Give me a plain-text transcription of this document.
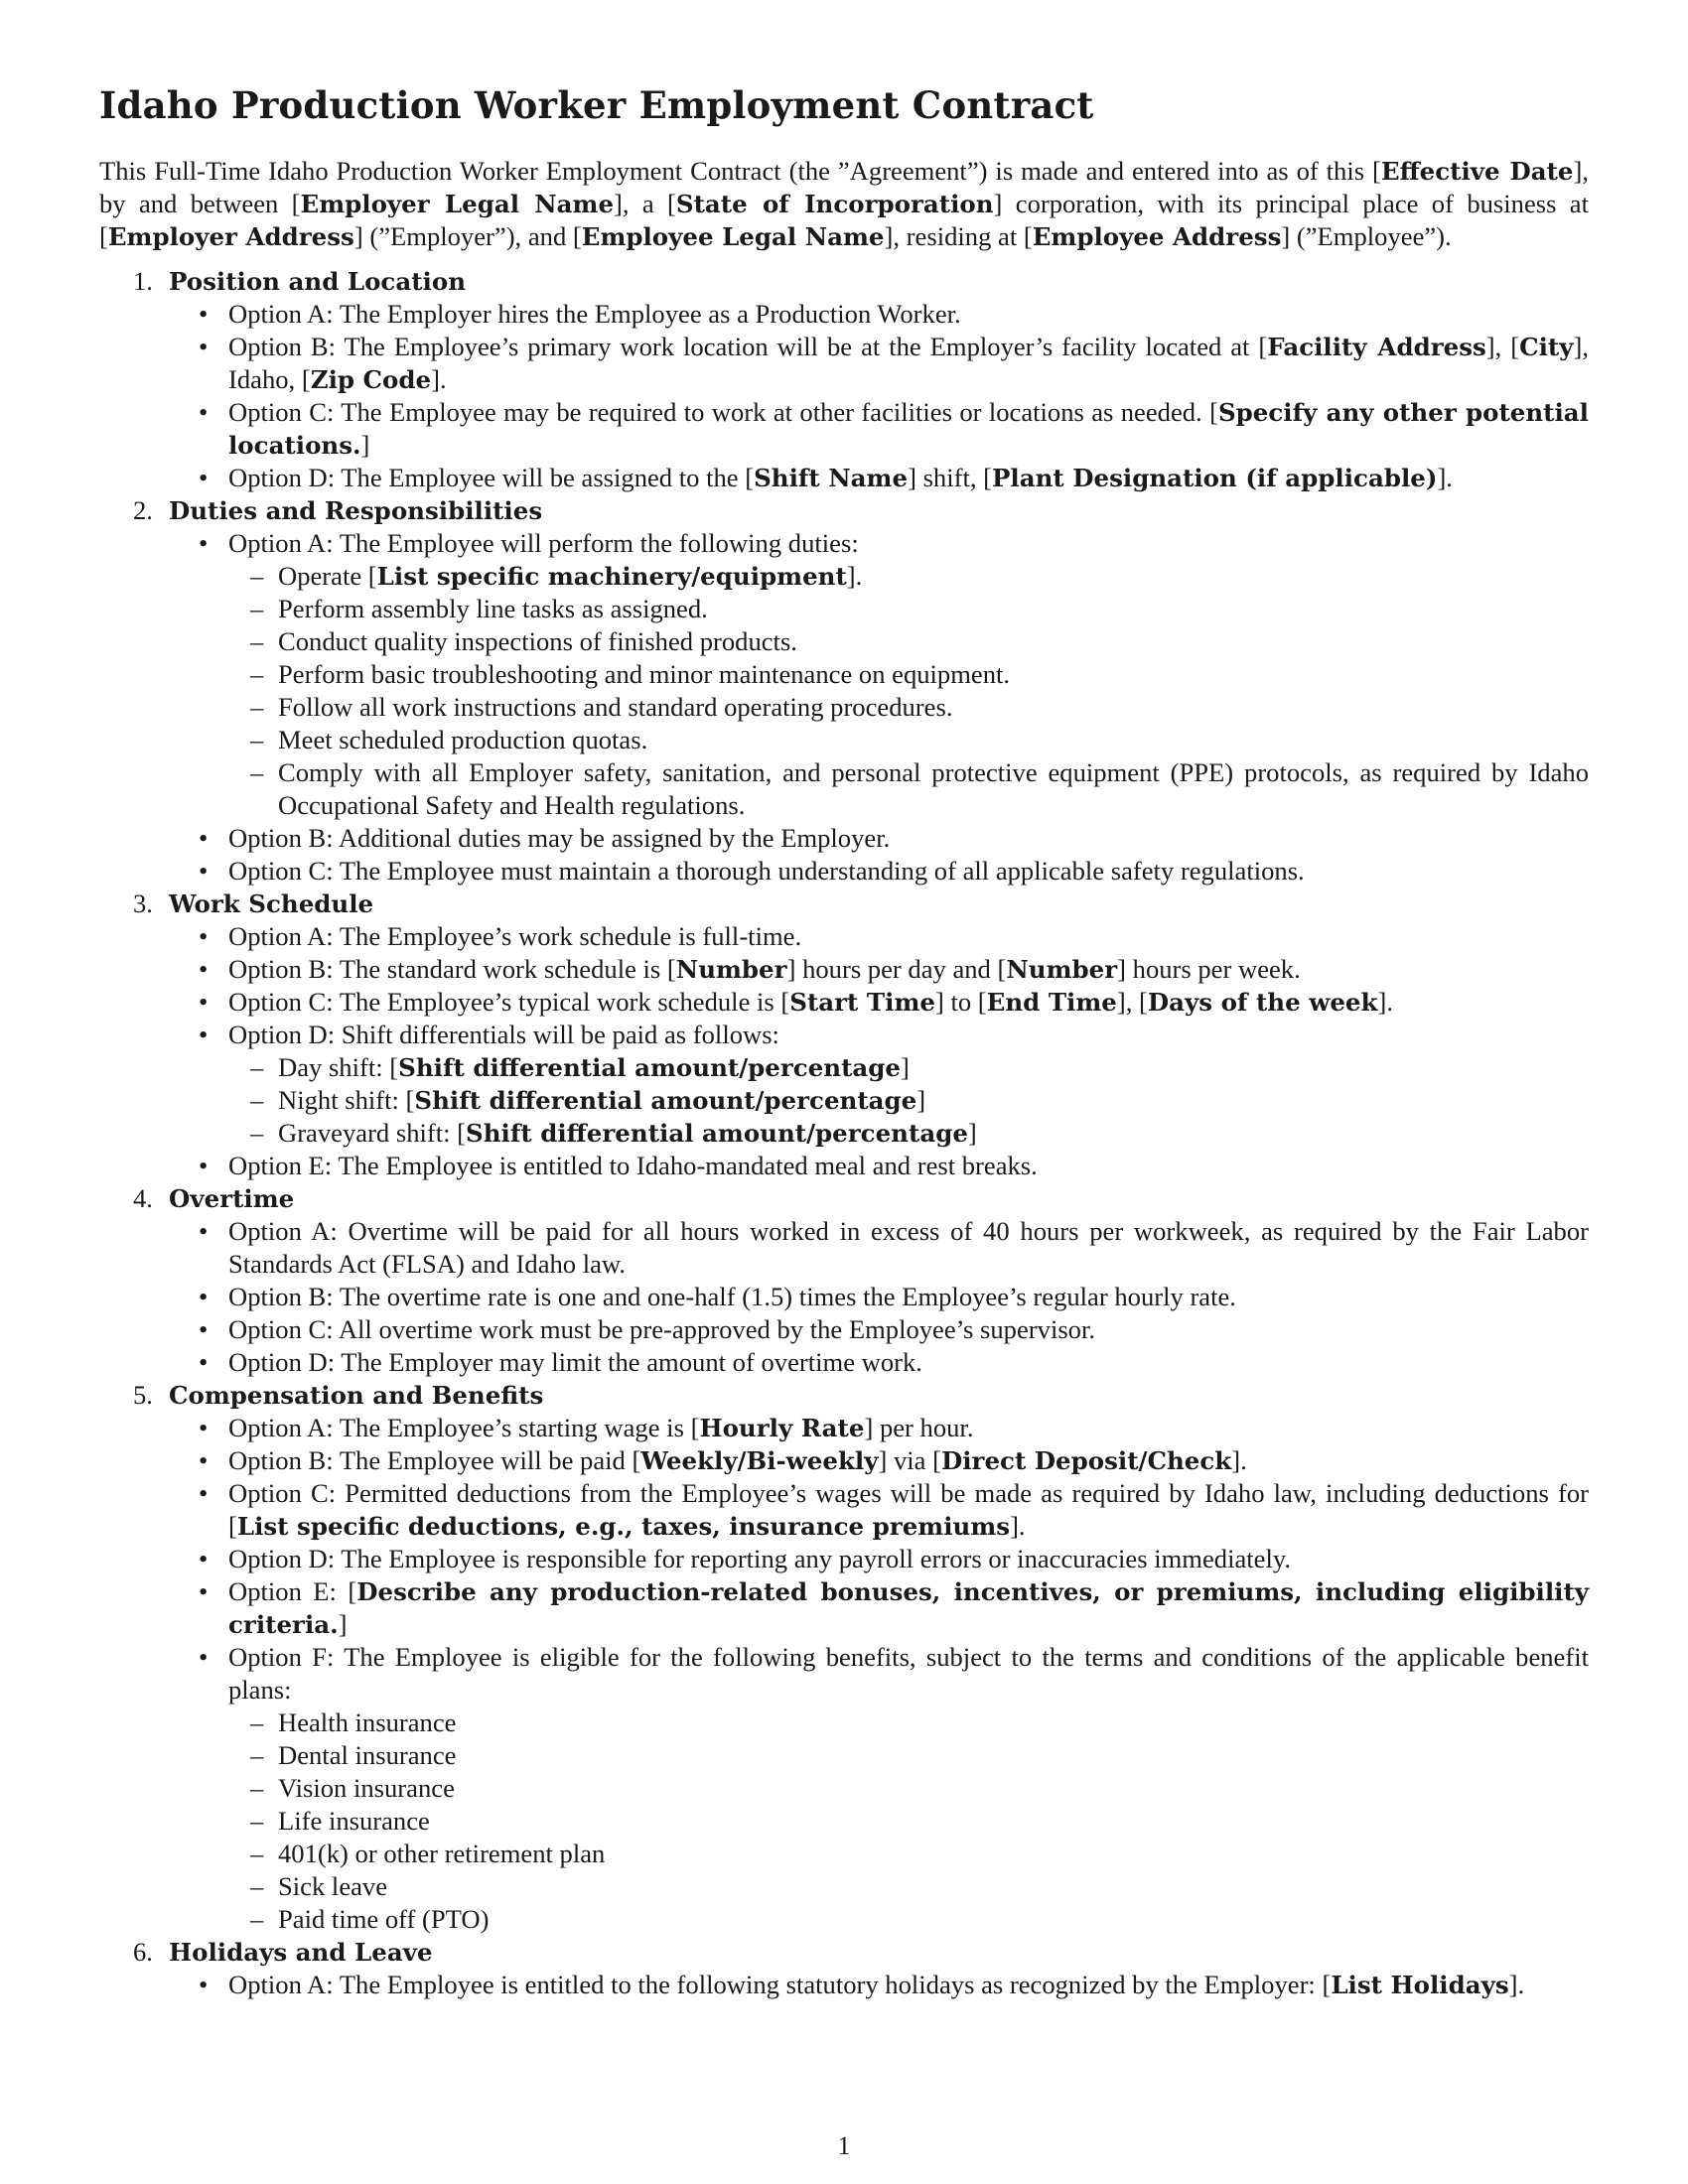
Idaho Production Worker Employment Contract

This Full-Time Idaho Production Worker Employment Contract (the ”Agreement”) is made and entered into as of this [Effective Date], by and between [Employer Legal Name], a [State of Incorporation] corporation, with its principal place of business at [Employer Address] (”Employer”), and [Employee Legal Name], residing at [Employee Address] (”Employee”).

1. Position and Location
• Option A: The Employer hires the Employee as a Production Worker.
• Option B: The Employee’s primary work location will be at the Employer’s facility located at [Facility Address], [City], Idaho, [Zip Code].
• Option C: The Employee may be required to work at other facilities or locations as needed. [Specify any other potential locations.]
• Option D: The Employee will be assigned to the [Shift Name] shift, [Plant Designation (if applicable)].
2. Duties and Responsibilities
• Option A: The Employee will perform the following duties:
– Operate [List specific machinery/equipment].
– Perform assembly line tasks as assigned.
– Conduct quality inspections of finished products.
– Perform basic troubleshooting and minor maintenance on equipment.
– Follow all work instructions and standard operating procedures.
– Meet scheduled production quotas.
– Comply with all Employer safety, sanitation, and personal protective equipment (PPE) protocols, as required by Idaho Occupational Safety and Health regulations.
• Option B: Additional duties may be assigned by the Employer.
• Option C: The Employee must maintain a thorough understanding of all applicable safety regulations.
3. Work Schedule
• Option A: The Employee’s work schedule is full-time.
• Option B: The standard work schedule is [Number] hours per day and [Number] hours per week.
• Option C: The Employee’s typical work schedule is [Start Time] to [End Time], [Days of the week].
• Option D: Shift differentials will be paid as follows:
– Day shift: [Shift differential amount/percentage]
– Night shift: [Shift differential amount/percentage]
– Graveyard shift: [Shift differential amount/percentage]
• Option E: The Employee is entitled to Idaho-mandated meal and rest breaks.
4. Overtime
• Option A: Overtime will be paid for all hours worked in excess of 40 hours per workweek, as required by the Fair Labor Standards Act (FLSA) and Idaho law.
• Option B: The overtime rate is one and one-half (1.5) times the Employee’s regular hourly rate.
• Option C: All overtime work must be pre-approved by the Employee’s supervisor.
• Option D: The Employer may limit the amount of overtime work.
5. Compensation and Benefits
• Option A: The Employee’s starting wage is [Hourly Rate] per hour.
• Option B: The Employee will be paid [Weekly/Bi-weekly] via [Direct Deposit/Check].
• Option C: Permitted deductions from the Employee’s wages will be made as required by Idaho law, including deductions for [List specific deductions, e.g., taxes, insurance premiums].
• Option D: The Employee is responsible for reporting any payroll errors or inaccuracies immediately.
• Option E: [Describe any production-related bonuses, incentives, or premiums, including eligibility criteria.]
• Option F: The Employee is eligible for the following benefits, subject to the terms and conditions of the applicable benefit plans:
– Health insurance
– Dental insurance
– Vision insurance
– Life insurance
– 401(k) or other retirement plan
– Sick leave
– Paid time off (PTO)
6. Holidays and Leave
• Option A: The Employee is entitled to the following statutory holidays as recognized by the Employer: [List Holidays].
1
